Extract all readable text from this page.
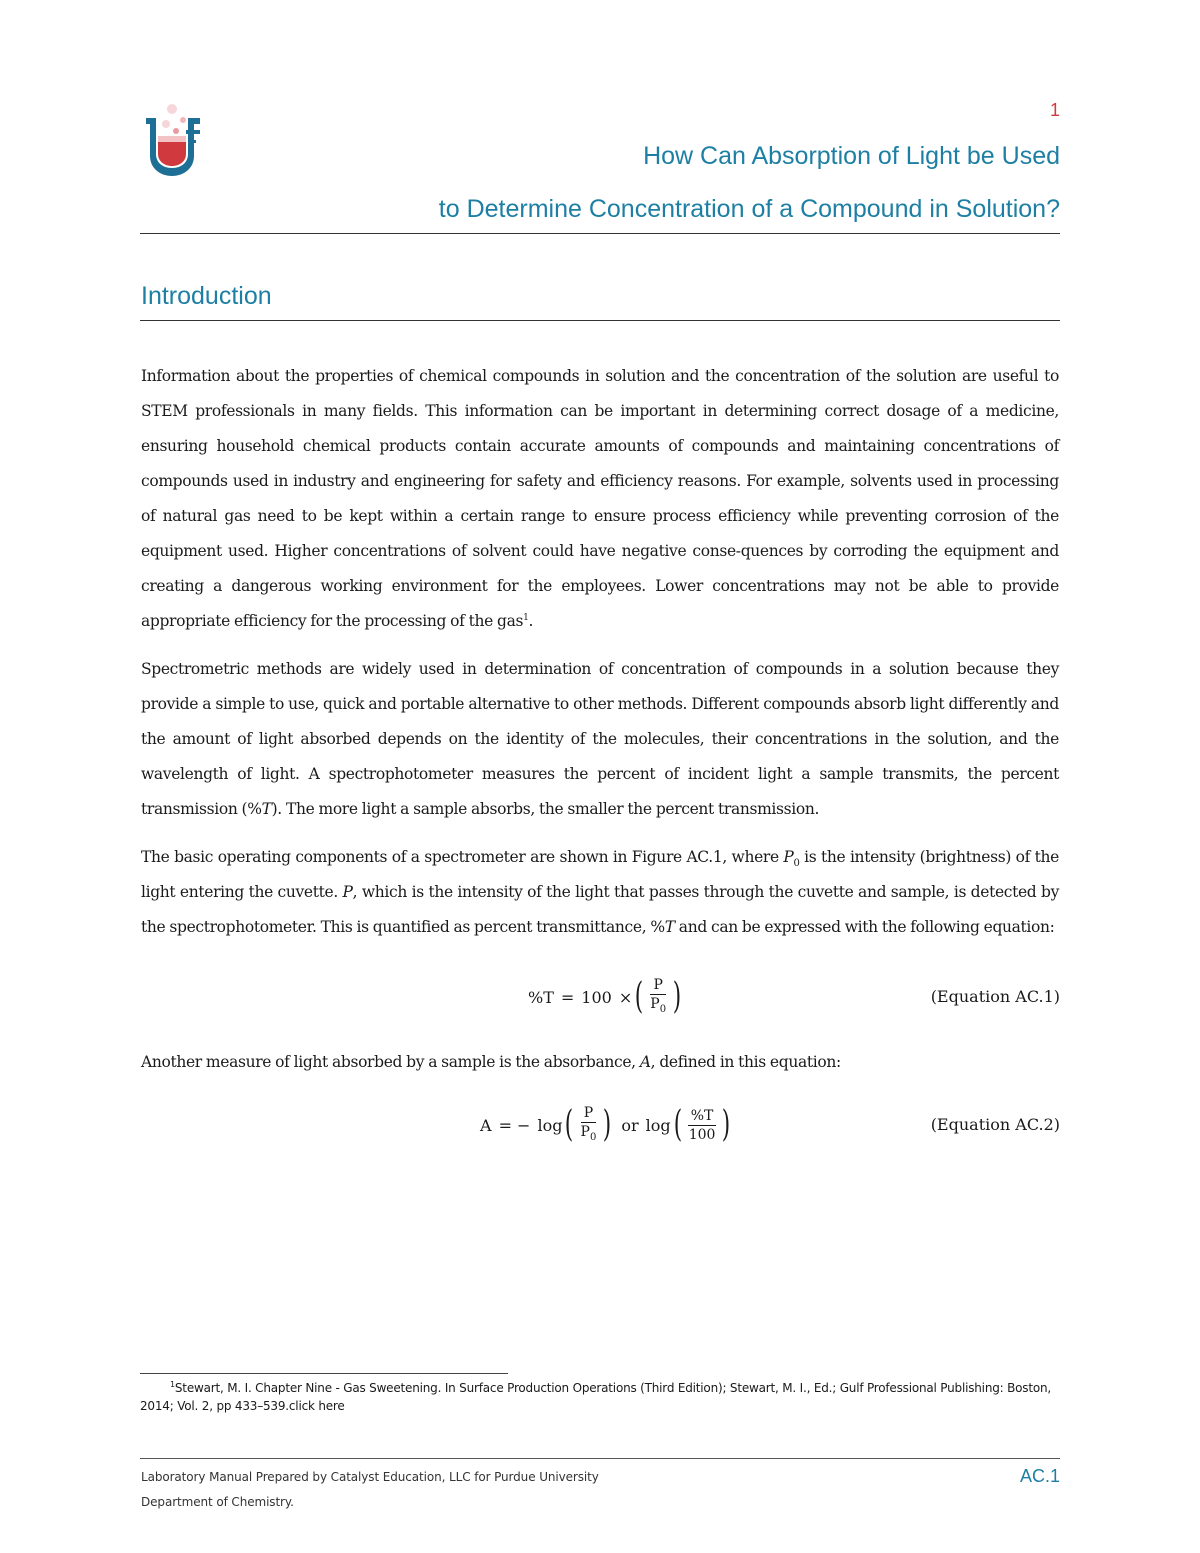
1
How Can Absorption of Light be Used
to Determine Concentration of a Compound in Solution?
Introduction

Information about the properties of chemical compounds in solution and the concentration of the solution are useful to STEM professionals in many fields. This information can be important in determining correct dosage of a medicine, ensuring household chemical products contain accurate amounts of compounds and maintaining concentrations of compounds used in industry and engineering for safety and efficiency reasons. For example, solvents used in processing of natural gas need to be kept within a certain range to ensure process efficiency while preventing corrosion of the equipment used. Higher concentrations of solvent could have negative conse-quences by corroding the equipment and creating a dangerous working environment for the employees. Lower concentrations may not be able to provide appropriate efficiency for the processing of the gas$^1$.

Spectrometric methods are widely used in determination of concentration of compounds in a solution because they provide a simple to use, quick and portable alternative to other methods. Different compounds absorb light differently and the amount of light absorbed depends on the identity of the molecules, their concentrations in the solution, and the wavelength of light. A spectrophotometer measures the percent of incident light a sample transmits, the percent transmission (%T). The more light a sample absorbs, the smaller the percent transmission.

The basic operating components of a spectrometer are shown in Figure AC.1, where $P_0$ is the intensity (brightness) of the light entering the cuvette. P, which is the intensity of the light that passes through the cuvette and sample, is detected by the spectrophotometer. This is quantified as percent transmittance, %T and can be expressed with the following equation:

%T = 100 × ( $\frac{P}{P_0}$ )	(Equation AC.1)

Another measure of light absorbed by a sample is the absorbance, A, defined in this equation:

A = − log ( $\frac{P}{P_0}$ ) or log ( $\frac{\%T}{100}$ )	(Equation AC.2)
$^1$Stewart, M. I. Chapter Nine - Gas Sweetening. In Surface Production Operations (Third Edition); Stewart, M. I., Ed.; Gulf Professional Publishing: Boston, 2014; Vol. 2, pp 433–539.click here
Laboratory Manual Prepared by Catalyst Education, LLC for Purdue University
Department of Chemistry.
AC.1
